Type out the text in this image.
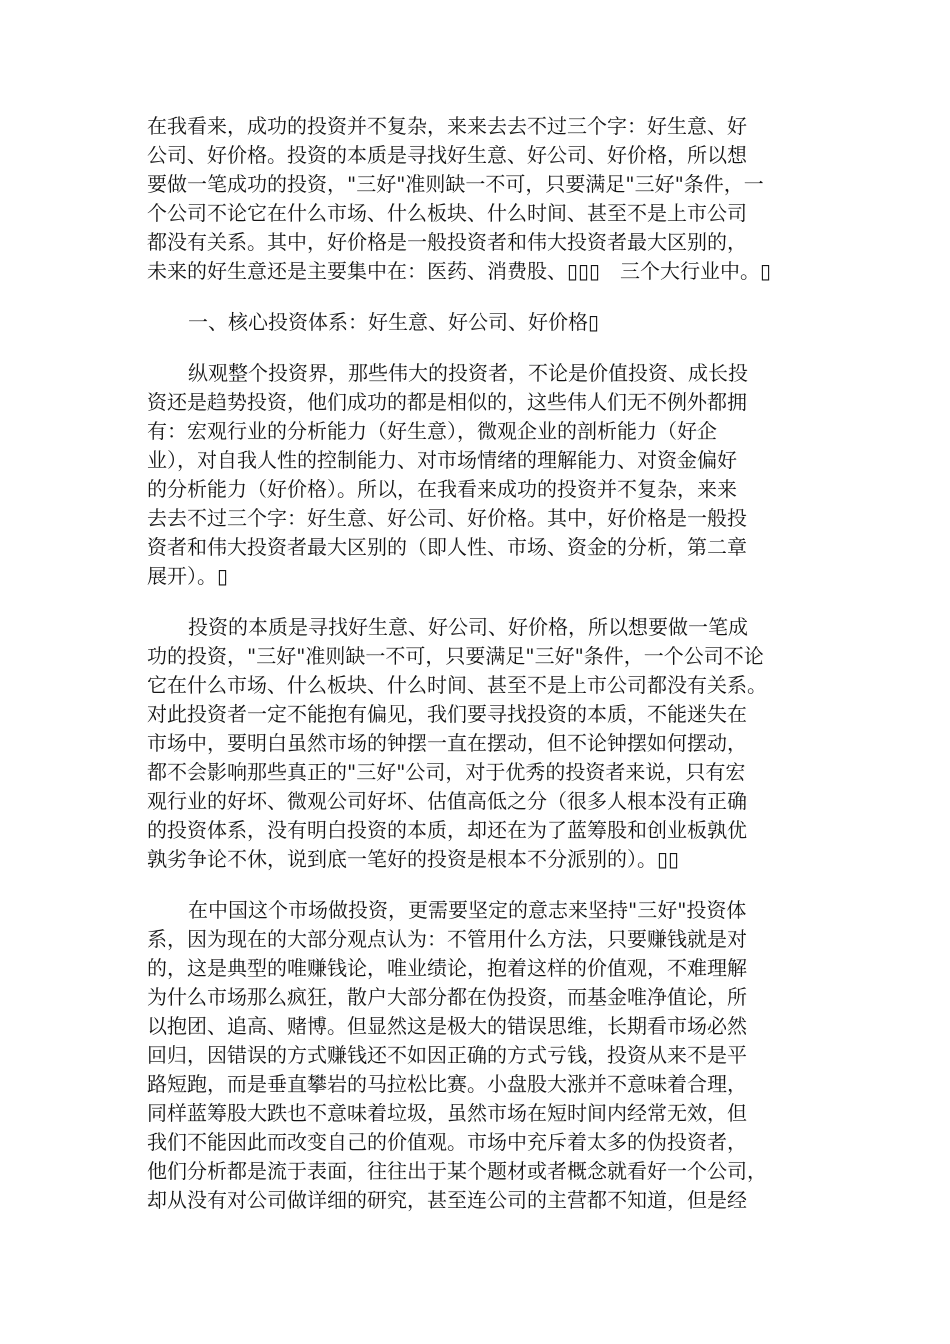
在我看来，成功的投资并不复杂，来来去去不过三个字：好生意、好
公司、好价格。投资的本质是寻找好生意、好公司、好价格，所以想
要做一笔成功的投资，"三好"准则缺一不可，只要满足"三好"条件，一
个公司不论它在什么市场、什么板块、什么时间、甚至不是上市公司
都没有关系。其中，好价格是一般投资者和伟大投资者最大区别的，
未来的好生意还是主要集中在：医药、消费股、▯▯▯　三个大行业中。▯
一、核心投资体系：好生意、好公司、好价格▯
纵观整个投资界，那些伟大的投资者，不论是价值投资、成长投
资还是趋势投资，他们成功的都是相似的，这些伟人们无不例外都拥
有：宏观行业的分析能力（好生意），微观企业的剖析能力（好企
业），对自我人性的控制能力、对市场情绪的理解能力、对资金偏好
的分析能力（好价格）。所以，在我看来成功的投资并不复杂，来来
去去不过三个字：好生意、好公司、好价格。其中，好价格是一般投
资者和伟大投资者最大区别的（即人性、市场、资金的分析，第二章
展开）。▯
投资的本质是寻找好生意、好公司、好价格，所以想要做一笔成
功的投资，"三好"准则缺一不可，只要满足"三好"条件，一个公司不论
它在什么市场、什么板块、什么时间、甚至不是上市公司都没有关系。
对此投资者一定不能抱有偏见，我们要寻找投资的本质，不能迷失在
市场中，要明白虽然市场的钟摆一直在摆动，但不论钟摆如何摆动，
都不会影响那些真正的"三好"公司，对于优秀的投资者来说，只有宏
观行业的好坏、微观公司好坏、估值高低之分（很多人根本没有正确
的投资体系，没有明白投资的本质，却还在为了蓝筹股和创业板孰优
孰劣争论不休，说到底一笔好的投资是根本不分派别的）。▯▯
在中国这个市场做投资，更需要坚定的意志来坚持"三好"投资体
系，因为现在的大部分观点认为：不管用什么方法，只要赚钱就是对
的，这是典型的唯赚钱论，唯业绩论，抱着这样的价值观，不难理解
为什么市场那么疯狂，散户大部分都在伪投资，而基金唯净值论，所
以抱团、追高、赌博。但显然这是极大的错误思维，长期看市场必然
回归，因错误的方式赚钱还不如因正确的方式亏钱，投资从来不是平
路短跑，而是垂直攀岩的马拉松比赛。小盘股大涨并不意味着合理，
同样蓝筹股大跌也不意味着垃圾，虽然市场在短时间内经常无效，但
我们不能因此而改变自己的价值观。市场中充斥着太多的伪投资者，
他们分析都是流于表面，往往出于某个题材或者概念就看好一个公司，
却从没有对公司做详细的研究，甚至连公司的主营都不知道，但是经
